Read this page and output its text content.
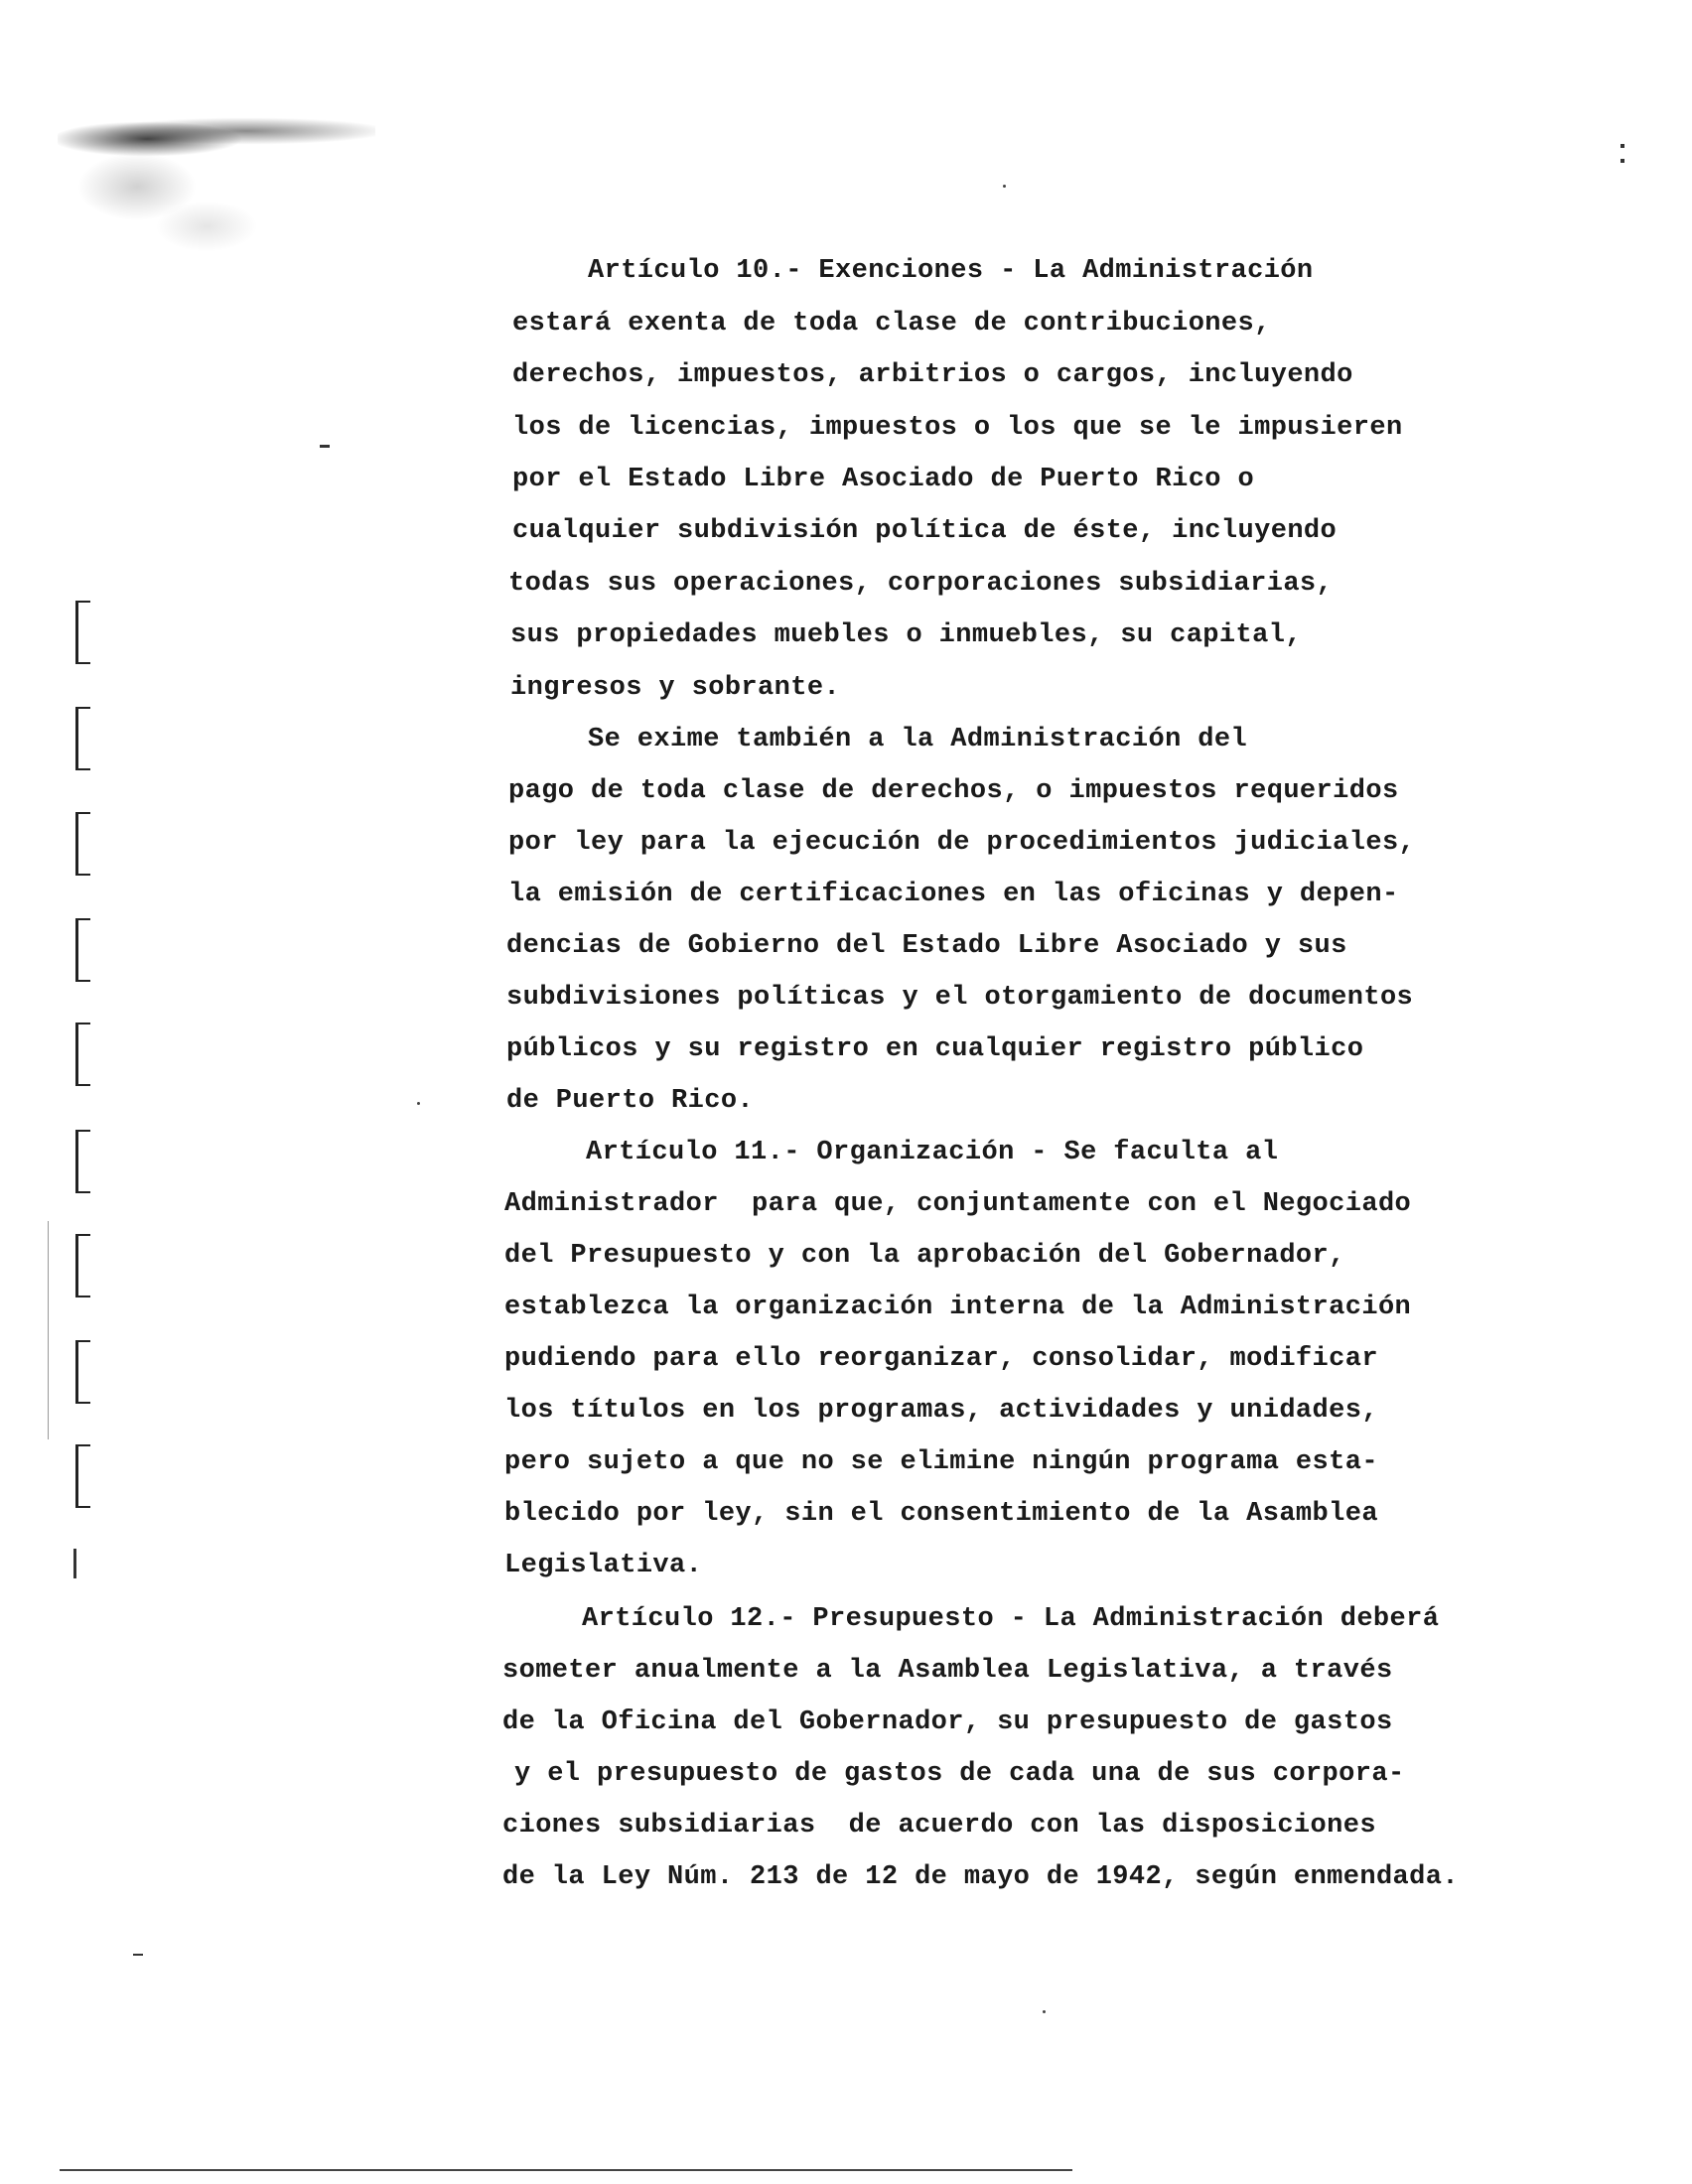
Artículo 10.- Exenciones - La Administración
estará exenta de toda clase de contribuciones,
derechos, impuestos, arbitrios o cargos, incluyendo
los de licencias, impuestos o los que se le impusieren
por el Estado Libre Asociado de Puerto Rico o
cualquier subdivisión política de éste, incluyendo
todas sus operaciones, corporaciones subsidiarias,
sus propiedades muebles o inmuebles, su capital,
ingresos y sobrante.
Se exime también a la Administración del
pago de toda clase de derechos, o impuestos requeridos
por ley para la ejecución de procedimientos judiciales,
la emisión de certificaciones en las oficinas y depen-
dencias de Gobierno del Estado Libre Asociado y sus
subdivisiones políticas y el otorgamiento de documentos
públicos y su registro en cualquier registro público
de Puerto Rico.
Artículo 11.- Organización - Se faculta al
Administrador  para que, conjuntamente con el Negociado
del Presupuesto y con la aprobación del Gobernador,
establezca la organización interna de la Administración
pudiendo para ello reorganizar, consolidar, modificar
los títulos en los programas, actividades y unidades,
pero sujeto a que no se elimine ningún programa esta-
blecido por ley, sin el consentimiento de la Asamblea
Legislativa.
Artículo 12.- Presupuesto - La Administración deberá
someter anualmente a la Asamblea Legislativa, a través
de la Oficina del Gobernador, su presupuesto de gastos
y el presupuesto de gastos de cada una de sus corpora-
ciones subsidiarias  de acuerdo con las disposiciones
de la Ley Núm. 213 de 12 de mayo de 1942, según enmendada.
